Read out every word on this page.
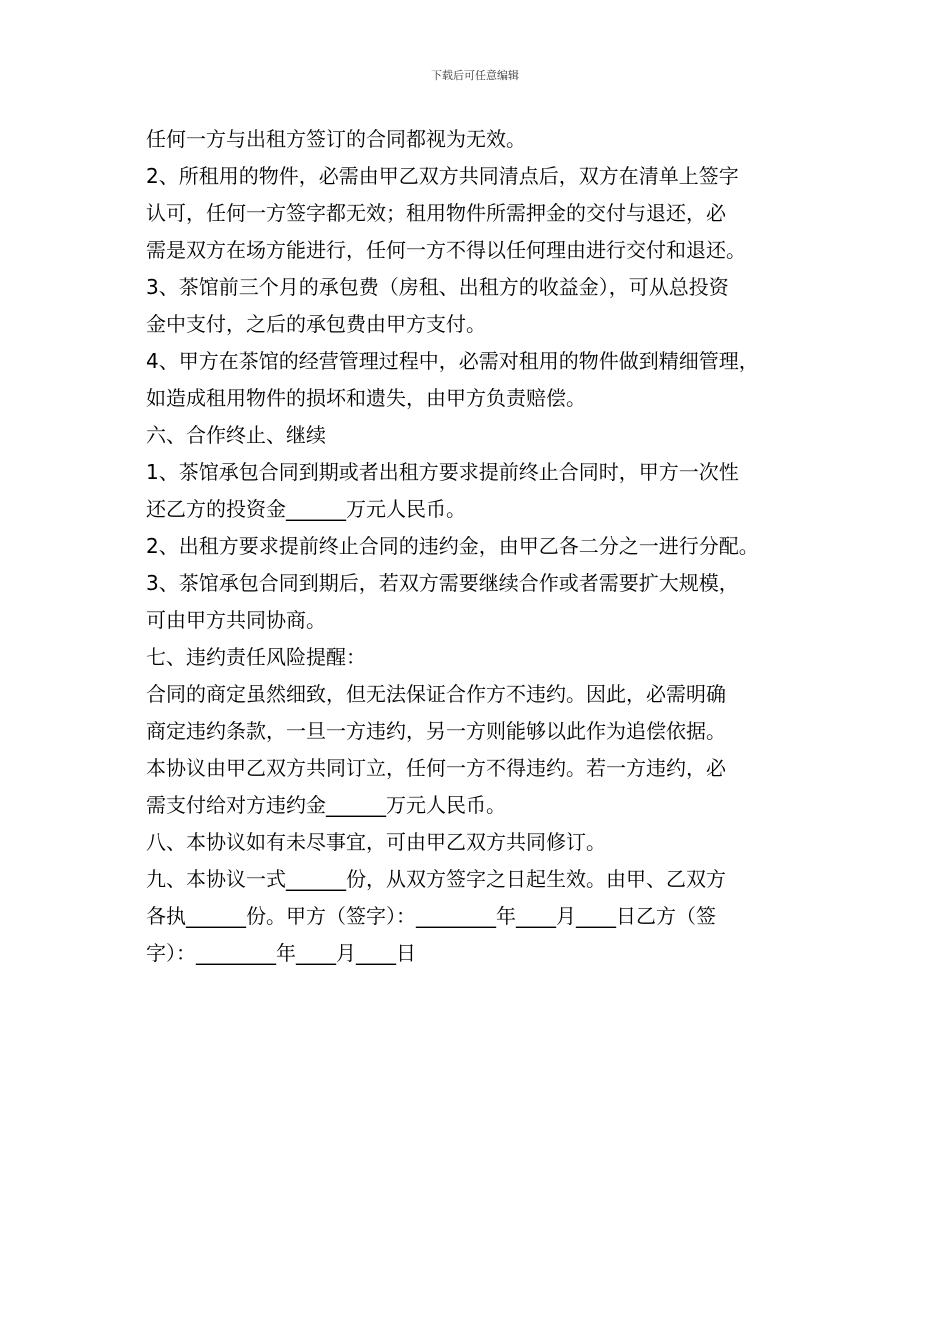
下载后可任意编辑
任何一方与出租方签订的合同都视为无效。
2、所租用的物件，必需由甲乙双方共同清点后，双方在清单上签字
认可，任何一方签字都无效；租用物件所需押金的交付与退还，必
需是双方在场方能进行，任何一方不得以任何理由进行交付和退还。
3、茶馆前三个月的承包费（房租、出租方的收益金），可从总投资
金中支付，之后的承包费由甲方支付。
4、甲方在茶馆的经营管理过程中，必需对租用的物件做到精细管理，
如造成租用物件的损坏和遗失，由甲方负责赔偿。
六、合作终止、继续
1、茶馆承包合同到期或者出租方要求提前终止合同时，甲方一次性
还乙方的投资金______万元人民币。
2、出租方要求提前终止合同的违约金，由甲乙各二分之一进行分配。
3、茶馆承包合同到期后，若双方需要继续合作或者需要扩大规模，
可由甲方共同协商。
七、违约责任风险提醒：
合同的商定虽然细致，但无法保证合作方不违约。因此，必需明确
商定违约条款，一旦一方违约，另一方则能够以此作为追偿依据。
本协议由甲乙双方共同订立，任何一方不得违约。若一方违约，必
需支付给对方违约金______万元人民币。
八、本协议如有未尽事宜，可由甲乙双方共同修订。
九、本协议一式______份，从双方签字之日起生效。由甲、乙双方
各执______份。甲方（签字）：________年____月____日乙方（签
字）：________年____月____日
